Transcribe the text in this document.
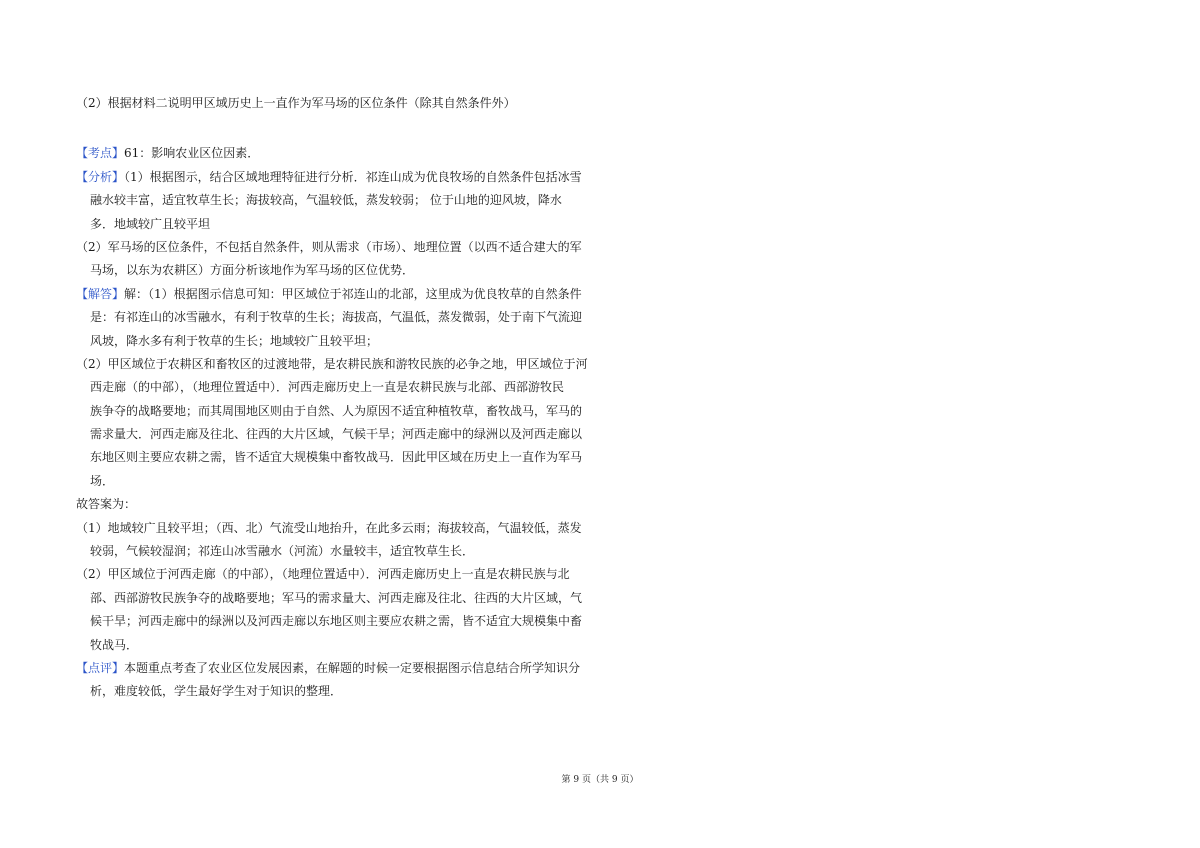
（2）根据材料二说明甲区域历史上一直作为军马场的区位条件（除其自然条件外）
【考点】61：影响农业区位因素．
【分析】（1）根据图示，结合区域地理特征进行分析．祁连山成为优良牧场的自然条件包括冰雪
融水较丰富，适宜牧草生长；海拔较高，气温较低，蒸发较弱； 位于山地的迎风坡，降水
多．地域较广且较平坦
（2）军马场的区位条件，不包括自然条件，则从需求（市场）、地理位置（以西不适合建大的军
马场，以东为农耕区）方面分析该地作为军马场的区位优势．
【解答】解：（1）根据图示信息可知：甲区域位于祁连山的北部，这里成为优良牧草的自然条件
是：有祁连山的冰雪融水，有利于牧草的生长；海拔高，气温低，蒸发微弱，处于南下气流迎
风坡，降水多有利于牧草的生长；地域较广且较平坦；
（2）甲区域位于农耕区和畜牧区的过渡地带，是农耕民族和游牧民族的必争之地，甲区域位于河
西走廊（的中部），（地理位置适中）．河西走廊历史上一直是农耕民族与北部、西部游牧民
族争夺的战略要地；而其周围地区则由于自然、人为原因不适宜种植牧草，畜牧战马，军马的
需求量大．河西走廊及往北、往西的大片区域，气候干旱；河西走廊中的绿洲以及河西走廊以
东地区则主要应农耕之需，皆不适宜大规模集中畜牧战马．因此甲区域在历史上一直作为军马
场．
故答案为：
（1）地域较广且较平坦；（西、北）气流受山地抬升，在此多云雨；海拔较高，气温较低，蒸发
较弱，气候较湿润；祁连山冰雪融水（河流）水量较丰，适宜牧草生长．
（2）甲区域位于河西走廊（的中部），（地理位置适中）．河西走廊历史上一直是农耕民族与北
部、西部游牧民族争夺的战略要地；军马的需求量大、河西走廊及往北、往西的大片区域，气
候干旱；河西走廊中的绿洲以及河西走廊以东地区则主要应农耕之需，皆不适宜大规模集中畜
牧战马．
【点评】本题重点考查了农业区位发展因素，在解题的时候一定要根据图示信息结合所学知识分
析，难度较低，学生最好学生对于知识的整理．
第 9 页（共 9 页）
